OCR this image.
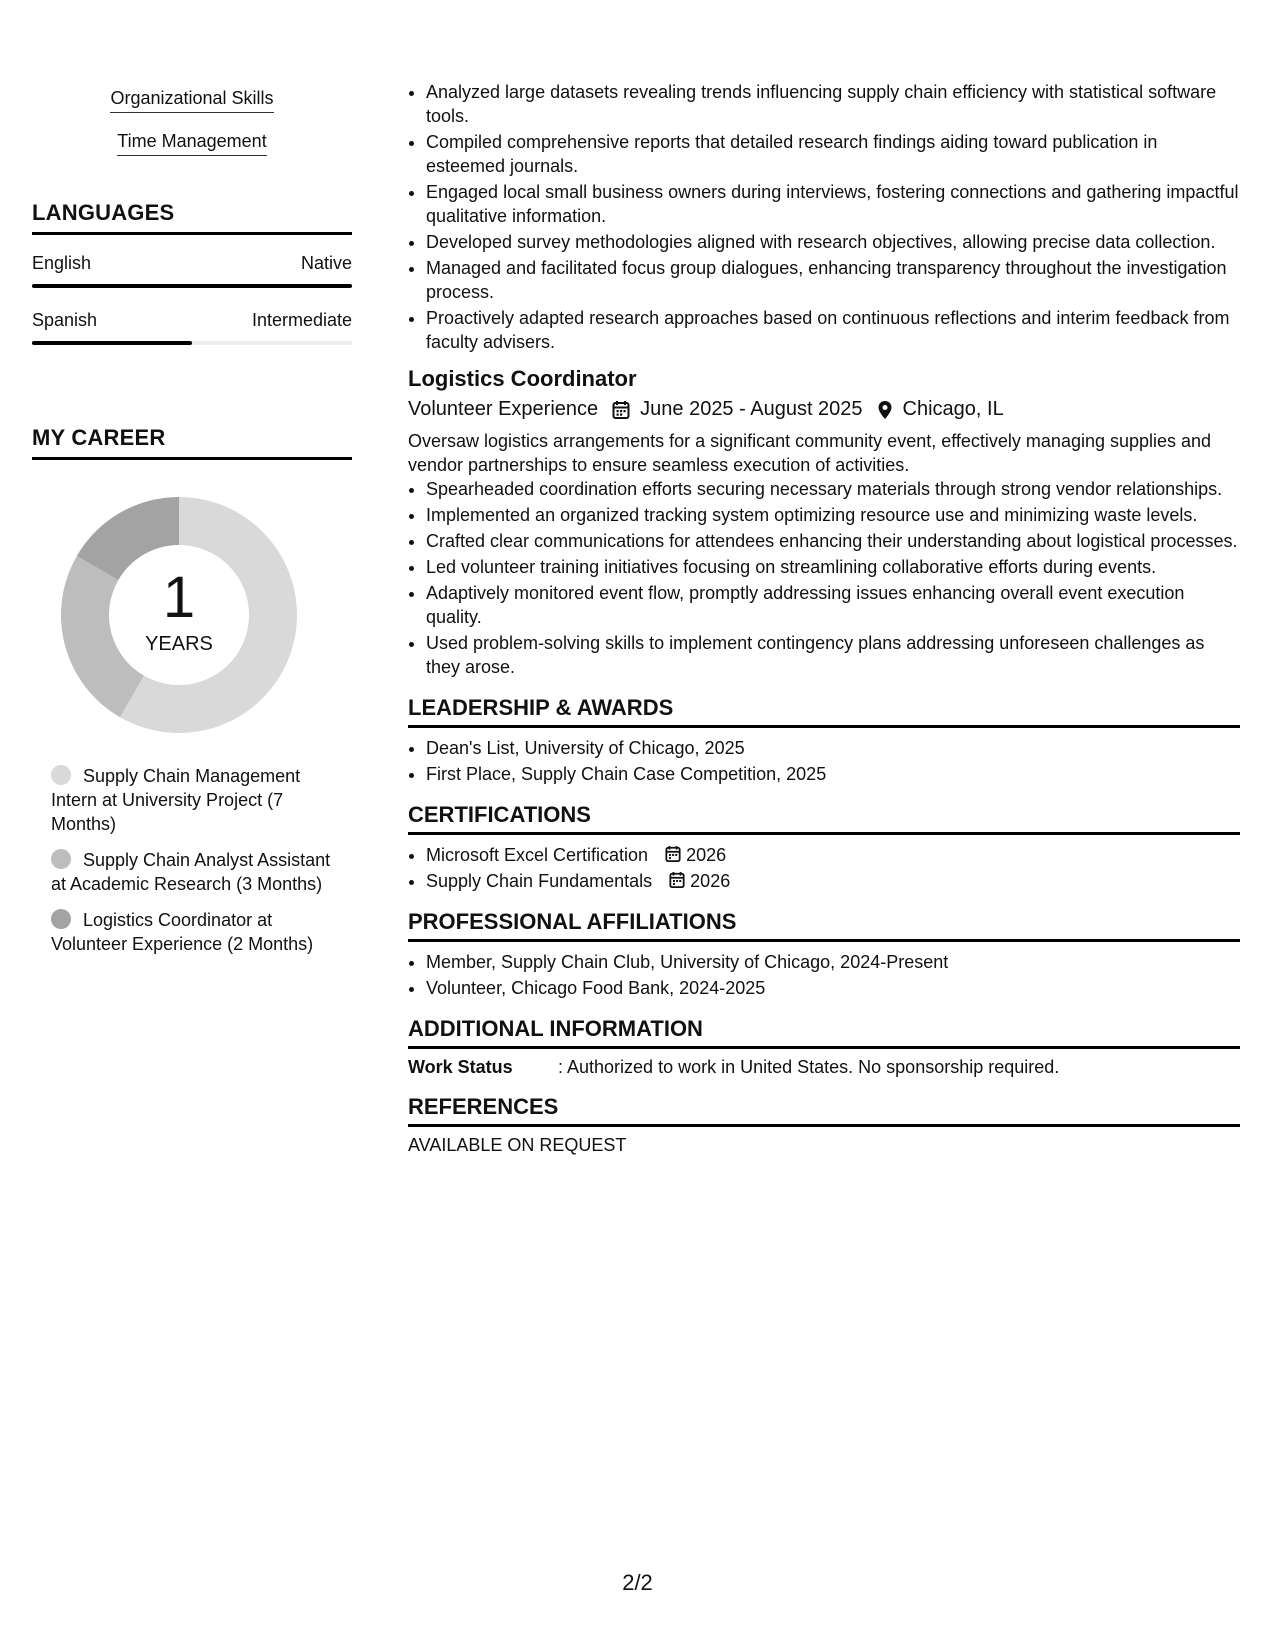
Organizational Skills
Time Management
LANGUAGES
English	Native
Spanish	Intermediate
MY CAREER
1
YEARS
Supply Chain Management Intern at University Project (7 Months)
Supply Chain Analyst Assistant at Academic Research (3 Months)
Logistics Coordinator at Volunteer Experience (2 Months)
• Analyzed large datasets revealing trends influencing supply chain efficiency with statistical software tools.
• Compiled comprehensive reports that detailed research findings aiding toward publication in esteemed journals.
• Engaged local small business owners during interviews, fostering connections and gathering impactful qualitative information.
• Developed survey methodologies aligned with research objectives, allowing precise data collection.
• Managed and facilitated focus group dialogues, enhancing transparency throughout the investigation process.
• Proactively adapted research approaches based on continuous reflections and interim feedback from faculty advisers.
Logistics Coordinator
Volunteer Experience June 2025 - August 2025 Chicago, IL
Oversaw logistics arrangements for a significant community event, effectively managing supplies and vendor partnerships to ensure seamless execution of activities.
• Spearheaded coordination efforts securing necessary materials through strong vendor relationships.
• Implemented an organized tracking system optimizing resource use and minimizing waste levels.
• Crafted clear communications for attendees enhancing their understanding about logistical processes.
• Led volunteer training initiatives focusing on streamlining collaborative efforts during events.
• Adaptively monitored event flow, promptly addressing issues enhancing overall event execution quality.
• Used problem-solving skills to implement contingency plans addressing unforeseen challenges as they arose.
LEADERSHIP & AWARDS
• Dean's List, University of Chicago, 2025
• First Place, Supply Chain Case Competition, 2025
CERTIFICATIONS
• Microsoft Excel Certification 2026
• Supply Chain Fundamentals 2026
PROFESSIONAL AFFILIATIONS
• Member, Supply Chain Club, University of Chicago, 2024-Present
• Volunteer, Chicago Food Bank, 2024-2025
ADDITIONAL INFORMATION
Work Status	: Authorized to work in United States. No sponsorship required.
REFERENCES
AVAILABLE ON REQUEST
2/2
